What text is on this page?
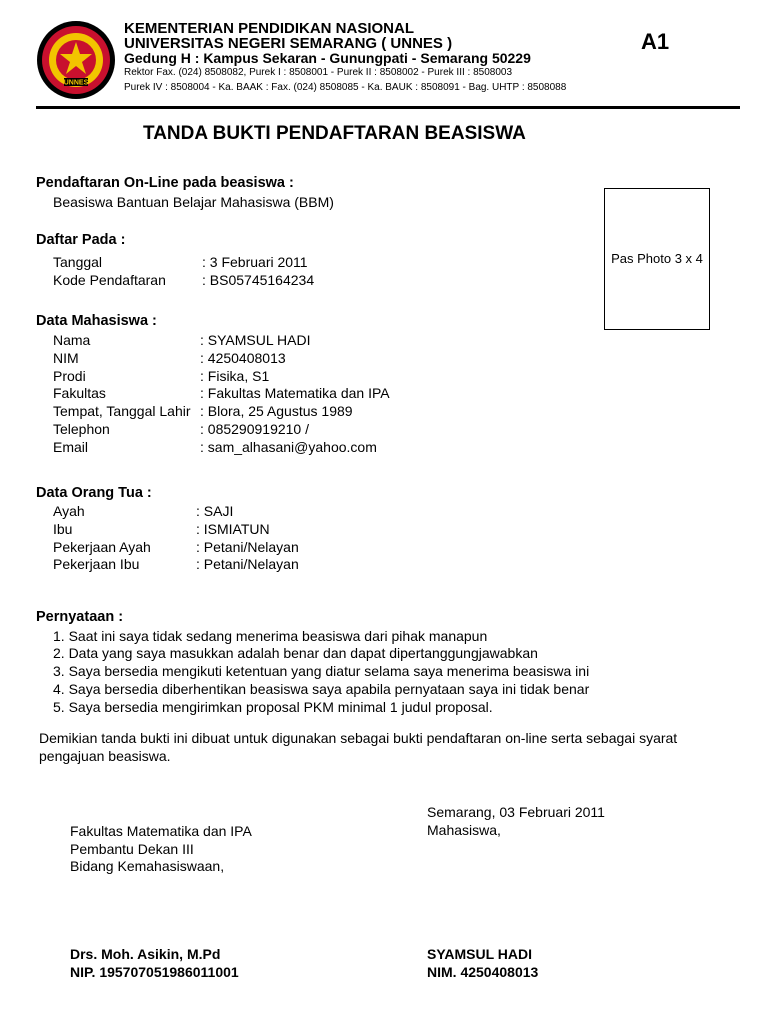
UNNES
KEMENTERIAN PENDIDIKAN NASIONAL
UNIVERSITAS NEGERI SEMARANG ( UNNES )
Gedung H : Kampus Sekaran - Gunungpati - Semarang 50229
Rektor Fax. (024) 8508082, Purek I : 8508001 - Purek II : 8508002 - Purek III : 8508003
Purek IV : 8508004 - Ka. BAAK : Fax. (024) 8508085 - Ka. BAUK : 8508091 - Bag. UHTP : 8508088
A1
TANDA BUKTI PENDAFTARAN BEASISWA
Pendaftaran On-Line pada beasiswa :
Beasiswa Bantuan Belajar Mahasiswa (BBM)
Pas Photo 3 x 4
Daftar Pada :
Tanggal	: 3 Februari 2011
Kode Pendaftaran	: BS05745164234
Data Mahasiswa :
Nama	: SYAMSUL HADI
NIM	: 4250408013
Prodi	: Fisika, S1
Fakultas	: Fakultas Matematika dan IPA
Tempat, Tanggal Lahir : Blora, 25 Agustus 1989
Telephon	: 085290919210 /
Email	: sam_alhasani@yahoo.com
Data Orang Tua :
Ayah	: SAJI
Ibu	: ISMIATUN
Pekerjaan Ayah	: Petani/Nelayan
Pekerjaan Ibu	: Petani/Nelayan
Pernyataan :
1. Saat ini saya tidak sedang menerima beasiswa dari pihak manapun
2. Data yang saya masukkan adalah benar dan dapat dipertanggungjawabkan
3. Saya bersedia mengikuti ketentuan yang diatur selama saya menerima beasiswa ini
4. Saya bersedia diberhentikan beasiswa saya apabila pernyataan saya ini tidak benar
5. Saya bersedia mengirimkan proposal PKM minimal 1 judul proposal.
Demikian tanda bukti ini dibuat untuk digunakan sebagai bukti pendaftaran on-line serta sebagai syarat
pengajuan beasiswa.
Semarang, 03 Februari 2011
Mahasiswa,
Fakultas Matematika dan IPA
Pembantu Dekan III
Bidang Kemahasiswaan,
Drs. Moh. Asikin, M.Pd
NIP. 195707051986011001
SYAMSUL HADI
NIM. 4250408013
